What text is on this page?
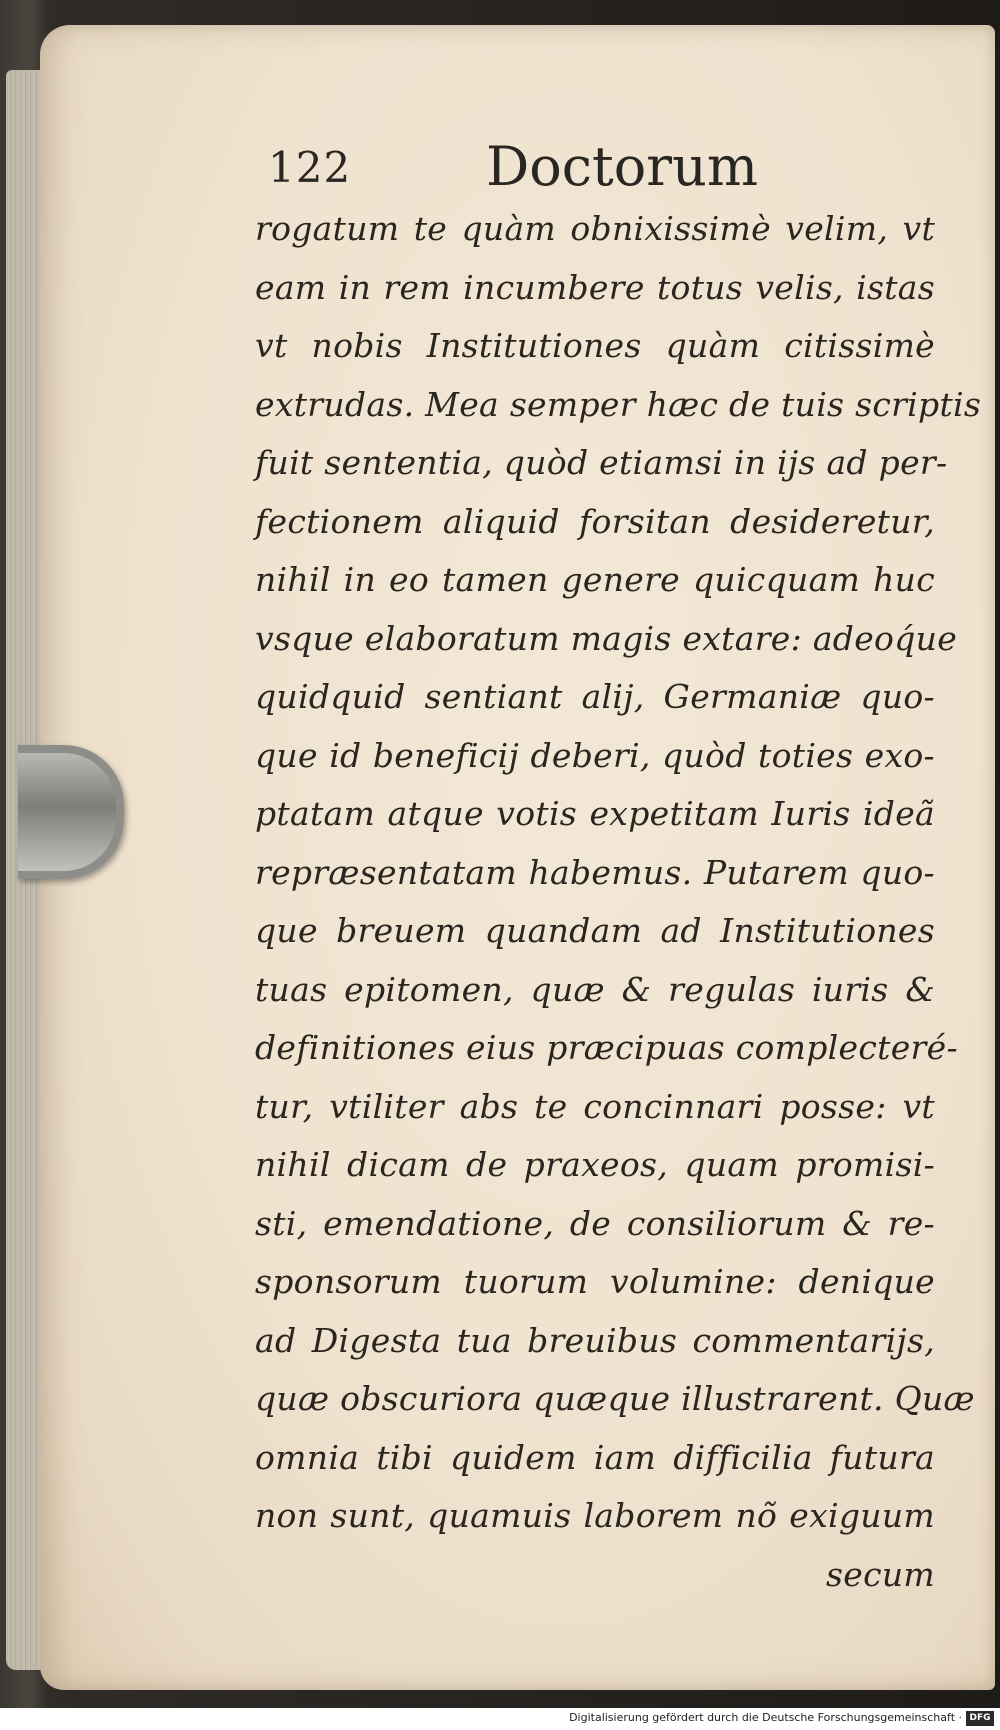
122 Doctorum
rogatum te quàm obnixissimè velim, vt
eam in rem incumbere totus velis, istas
vt nobis Institutiones quàm citissimè
extrudas. Mea semper hæc de tuis scriptis
fuit sententia, quòd etiamsi in ijs ad per-
fectionem aliquid forsitan desideretur,
nihil in eo tamen genere quicquam huc
vsque elaboratum magis extare: adeoq́ue
quidquid sentiant alij, Germaniæ quo-
que id beneficij deberi, quòd toties exo-
ptatam atque votis expetitam Iuris ideã
repræsentatam habemus. Putarem quo-
que breuem quandam ad Institutiones
tuas epitomen, quæ & regulas iuris &
definitiones eius præcipuas complecteré-
tur, vtiliter abs te concinnari posse: vt
nihil dicam de praxeos, quam promisi-
sti, emendatione, de consiliorum & re-
sponsorum tuorum volumine: denique
ad Digesta tua breuibus commentarijs,
quæ obscuriora quæque illustrarent. Quæ
omnia tibi quidem iam difficilia futura
non sunt, quamuis laborem nõ exiguum
secum
Digitalisierung gefördert durch die Deutsche Forschungsgemeinschaft · DFG
